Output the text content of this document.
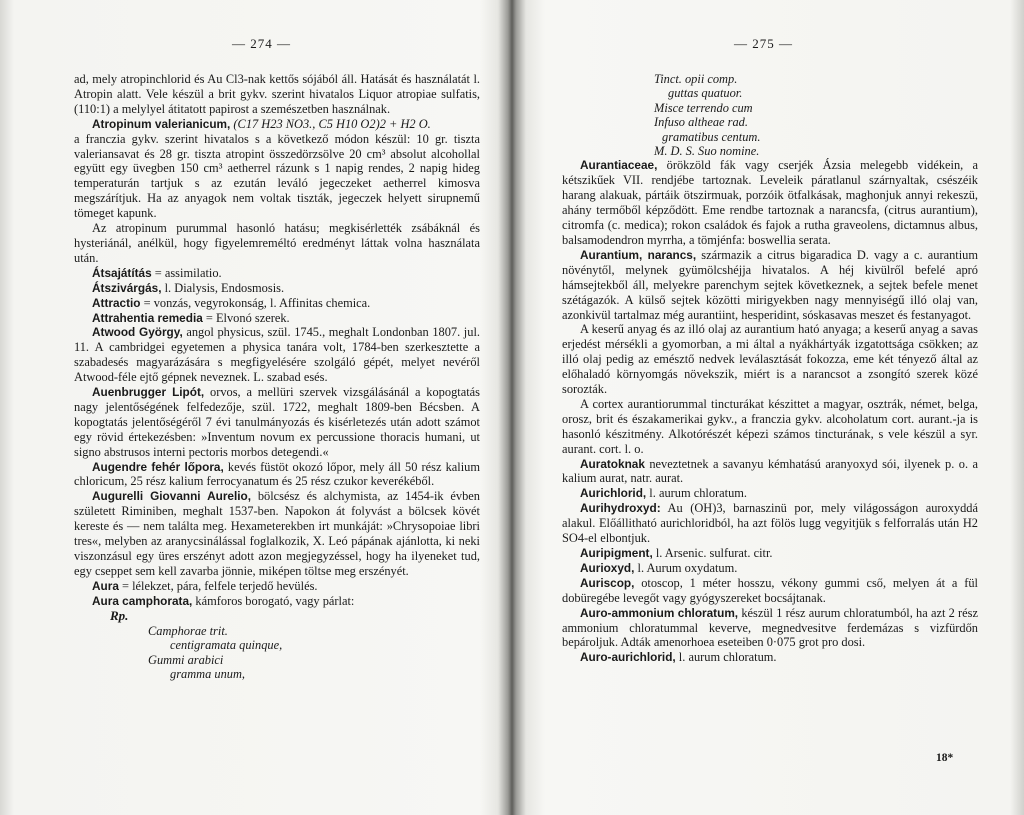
— 274 —

ad, mely atropinchlorid és Au Cl3-nak kettős sójából áll. Hatását és használatát l. Atropin alatt. Vele készül a brit gykv. szerint hivatalos Liquor atropiae sulfatis, (110:1) a melylyel átitatott papirost a szemészetben használnak.

Atropinum valerianicum, (C17 H23 NO3., C5 H10 O2)2 + H2 O.

a franczia gykv. szerint hivatalos s a következő módon készül: 10 gr. tiszta valeriansavat és 28 gr. tiszta atropint összedörzsölve 20 cm³ absolut alcohollal együtt egy üvegben 150 cm³ aetherrel rázunk s 1 napig rendes, 2 napig hideg temperaturán tartjuk s az ezután leváló jegeczeket aetherrel kimosva megszárítjuk. Ha az anyagok nem voltak tiszták, jegeczek helyett sirupnemű tömeget kapunk.

Az atropinum purummal hasonló hatásu; megkisérlették zsábáknál és hysteriánál, anélkül, hogy figyelemreméltó eredményt láttak volna használata után.

Átsajátítás = assimilatio.

Átszivárgás, l. Dialysis, Endosmosis.

Attractio = vonzás, vegyrokonság, l. Affinitas chemica.

Attrahentia remedia = Elvonó szerek.

Atwood György, angol physicus, szül. 1745., meghalt Londonban 1807. jul. 11. A cambridgei egyetemen a physica tanára volt, 1784-ben szerkesztette a szabadesés magyarázására s megfigyelésére szolgáló gépét, melyet nevéről Atwood-féle ejtő gépnek neveznek. L. szabad esés.

Auenbrugger Lipót, orvos, a mellüri szervek vizsgálásánál a kopogtatás nagy jelentőségének felfedezője, szül. 1722, meghalt 1809-ben Bécsben. A kopogtatás jelentőségéről 7 évi tanulmányozás és kisérletezés után adott számot egy rövid értekezésben: »Inventum novum ex percussione thoracis humani, ut signo abstrusos interni pectoris morbos detegendi.«

Augendre fehér lőpora, kevés füstöt okozó lőpor, mely áll 50 rész kalium chloricum, 25 rész kalium ferrocyanatum és 25 rész czukor keverékéből.

Augurelli Giovanni Aurelio, bölcsész és alchymista, az 1454-ik évben született Riminiben, meghalt 1537-ben. Napokon át folyvást a bölcsek kövét kereste és — nem találta meg. Hexameterekben irt munkáját: »Chrysopoiae libri tres«, melyben az aranycsinálással foglalkozik, X. Leó pápának ajánlotta, ki neki viszonzásul egy üres erszényt adott azon megjegyzéssel, hogy ha ilyeneket tud, egy cseppet sem kell zavarba jönnie, miképen töltse meg erszényét.

Aura = lélekzet, pára, felfele terjedő hevülés.

Aura camphorata, kámforos borogató, vagy párlat:

Rp.

Camphorae trit.

centigramata quinque,

Gummi arabici

gramma unum,

— 275 —

Tinct. opii comp.

guttas quatuor.

Misce terrendo cum

Infuso altheae rad.

gramatibus centum.

M. D. S. Suo nomine.

Aurantiaceae, örökzöld fák vagy cserjék Ázsia melegebb vidékein, a kétszikűek VII. rendjébe tartoznak. Leveleik páratlanul szárnyaltak, csészéik harang alakuak, pártáik ötszirmuak, porzóik ötfalkásak, maghonjuk annyi rekeszü, ahány termőből képződött. Eme rendbe tartoznak a narancsfa, (citrus aurantium), citromfa (c. medica); rokon családok és fajok a rutha graveolens, dictamnus albus, balsamodendron myrrha, a tömjénfa: boswellia serata.

Aurantium, narancs, származik a citrus bigaradica D. vagy a c. aurantium növénytől, melynek gyümölcshéjja hivatalos. A héj kivülről befelé apró hámsejtekből áll, melyekre parenchym sejtek következnek, a sejtek befele menet szétágazók. A külső sejtek közötti mirigyekben nagy mennyiségű illó olaj van, azonkivül tartalmaz még aurantiint, hesperidint, sóskasavas meszet és festanyagot.

A keserű anyag és az illó olaj az aurantium ható anyaga; a keserű anyag a savas erjedést mérsékli a gyomorban, a mi által a nyákhártyák izgatottsága csökken; az illó olaj pedig az emésztő nedvek leválasztását fokozza, eme két tényező által az előhaladó környomgás növekszik, miért is a narancsot a zsongító szerek közé sorozták.

A cortex aurantiorummal tincturákat készittet a magyar, osztrák, német, belga, orosz, brit és északamerikai gykv., a franczia gykv. alcoholatum cort. aurant.-ja is hasonló készitmény. Alkotórészét képezi számos tincturának, s vele készül a syr. aurant. cort. l. o.

Auratoknak neveztetnek a savanyu kémhatású aranyoxyd sói, ilyenek p. o. a kalium aurat, natr. aurat.

Aurichlorid, l. aurum chloratum.

Aurihydroxyd: Au (OH)3, barnaszinü por, mely világosságon auroxyddá alakul. Előállitható aurichloridból, ha azt fölös lugg vegyitjük s felforralás után H2 SO4-el elbontjuk.

Auripigment, l. Arsenic. sulfurat. citr.

Aurioxyd, l. Aurum oxydatum.

Auriscop, otoscop, 1 méter hosszu, vékony gummi cső, melyen át a fül dobüregébe levegőt vagy gyógyszereket bocsájtanak.

Auro-ammonium chloratum, készül 1 rész aurum chloratumból, ha azt 2 rész ammonium chloratummal keverve, megnedvesitve ferdemázas s vizfürdőn bepároljuk. Adták amenorhoea eseteiben 0·075 grot pro dosi.

Auro-aurichlorid, l. aurum chloratum.

18*
